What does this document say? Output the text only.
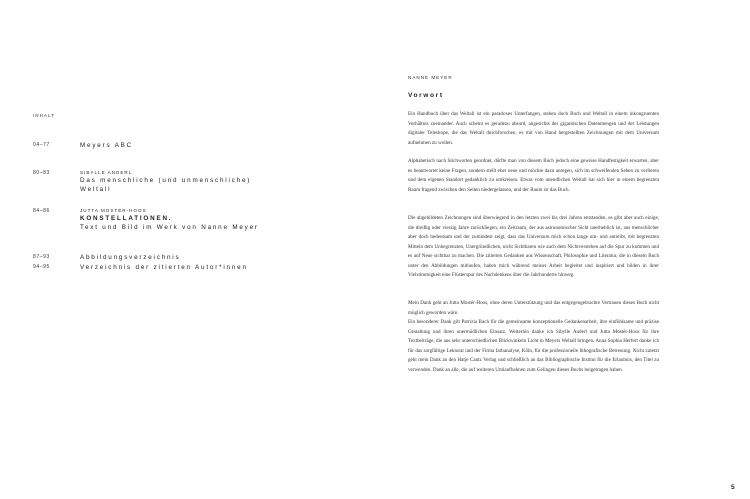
INHALT
04–77	Meyers ABC
80–83	SIBYLLE ANDERL
Das menschliche (und unmenschliche)
Weltall
84–86	JUTTA MOSTÉR-HOOS
KONSTELLATIONEN.
Text und Bild im Werk von Nanne Meyer
87–93	Abbildungsverzeichnis
94–95	Verzeichnis der zitierten Autor*innen
NANNE MEYER
Vorwort

Ein Handbuch über das Weltall ist ein paradoxes Unterfangen, stehen doch Buch und Weltall in einem inkongruenten Verhältnis zueinander. Auch scheint es geradezu absurd, angesichts der gigantischen Datenmengen und der Leistungen digitaler Teleskope, die das Weltall durchforschen, es mit von Hand hergestellten Zeichnungen mit dem Universum aufnehmen zu wollen.

Alphabetisch nach Stichworten geordnet, dürfte man von diesem Buch jedoch eine gewisse Handfestigkeit erwarten, aber es beantwortet keine Fragen, sondern stellt eher neue und möchte dazu anregen, sich im schweifenden Sehen zu verlieren und dem eigenen Standort gedanklich zu umkreisen. Etwas vom unendlichen Weltall hat sich hier in einem begrenzten Raum fragend zwischen den Seiten niedergelassen, und der Raum ist das Buch.

Die abgebildeten Zeichnungen sind überwiegend in den letzten zwei bis drei Jahren entstanden, es gibt aber auch einige, die dreißig oder vierzig Jahre zurückliegen, ein Zeitraum, der aus astronomischer Sicht unerheblich ist, aus menschlicher aber doch bedeutsam und der zumindest zeigt, dass das Universum mich schon lange um- und antreibt, mit begrenzten Mitteln dem Unbegrenzten, Unergründlichen, nicht Sichtbaren wie auch dem Nichtverstehen auf die Spur zu kommen und es auf Neue sichtbar zu machen. Die zitierten Gedanken aus Wissenschaft, Philosophie und Literatur, die in diesem Buch unter den Abbildungen mitlaufen, haben mich während meiner Arbeit begleitet und inspiriert und bilden in ihrer Vielstimmigkeit eine Flüsterspur des Nachdenkens über die Jahrhunderte hinweg.

Mein Dank geht an Jutta Mostér-Hoos, ohne deren Unterstützung und das entgegengebrachte Vertrauen dieses Buch nicht möglich geworden wäre.

Ein besonderer Dank gilt Patrizia Bach für die gemeinsame konzeptionelle Gedankenarbeit, ihre einfühlsame und präzise Gestaltung und ihren unermüdlichen Einsatz. Weiterhin danke ich Sibylle Anderl und Jutta Mostér-Hoos für ihre Textbeiträge, die aus sehr unterschiedlichen Blickwinkeln Licht in Meyers Weltall bringen. Anna Sophia Herfert danke ich für das sorgfältige Lektorat und der Firma farbanalyse, Köln, für die professionelle lithografische Betreuung. Nicht zuletzt geht mein Dank an den Hatje Cantz Verlag und schließlich an das Bibliographische Institut für die Erlaubnis, den Titel zu verwenden. Dank an alle, die auf weiteren Umlaufbahnen zum Gelingen dieses Buchs beigetragen haben.

5
